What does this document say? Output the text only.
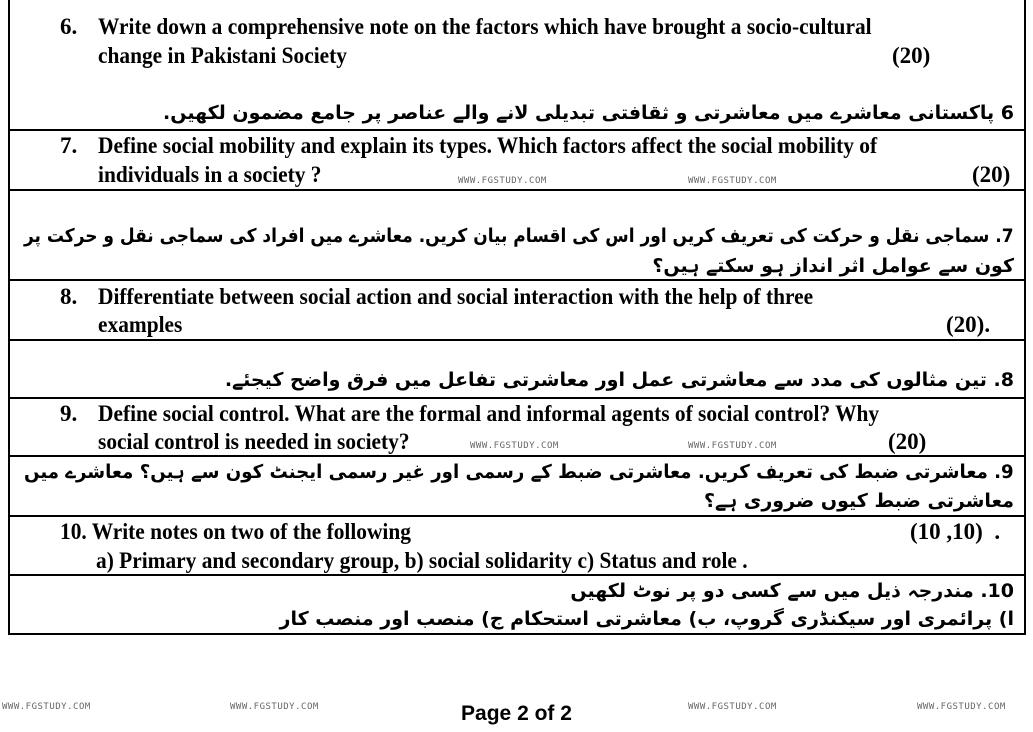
6. Write down a comprehensive note on the factors which have brought a socio-cultural
change in Pakistani Society	(20)
6 پاکستانی معاشرے میں معاشرتی و ثقافتی تبدیلی لانے والے عناصر پر جامع مضمون لکھیں.
7. Define social mobility and explain its types. Which factors affect the social mobility of
individuals in a society ?	(20)
7. سماجی نقل و حرکت کی تعریف کریں اور اس کی اقسام بیان کریں. معاشرے میں افراد کی سماجی نقل و حرکت پر
کون سے عوامل اثر انداز ہو سکتے ہیں؟
8. Differentiate between social action and social interaction with the help of three
examples	(20).
8. تین مثالوں کی مدد سے معاشرتی عمل اور معاشرتی تفاعل میں فرق واضح کیجئے.
9. Define social control. What are the formal and informal agents of social control? Why
social control is needed in society?	(20)
9. معاشرتی ضبط کی تعریف کریں. معاشرتی ضبط کے رسمی اور غیر رسمی ایجنٹ کون سے ہیں؟ معاشرے میں
معاشرتی ضبط کیوں ضروری ہے؟
10. Write notes on two of the following
a) Primary and secondary group, b) social solidarity c) Status and role .
(10 ,10)  .
10. مندرجہ ذیل میں سے کسی دو پر نوٹ لکھیں
ا) پرائمری اور سیکنڈری گروپ، ب) معاشرتی استحکام ج) منصب اور منصب کار
WWW.FGSTUDY.COM	WWW.FGSTUDY.COM
WWW.FGSTUDY.COM	WWW.FGSTUDY.COM
WWW.FGSTUDY.COM	WWW.FGSTUDY.COM	WWW.FGSTUDY.COM	WWW.FGSTUDY.COM
Page 2 of 2
